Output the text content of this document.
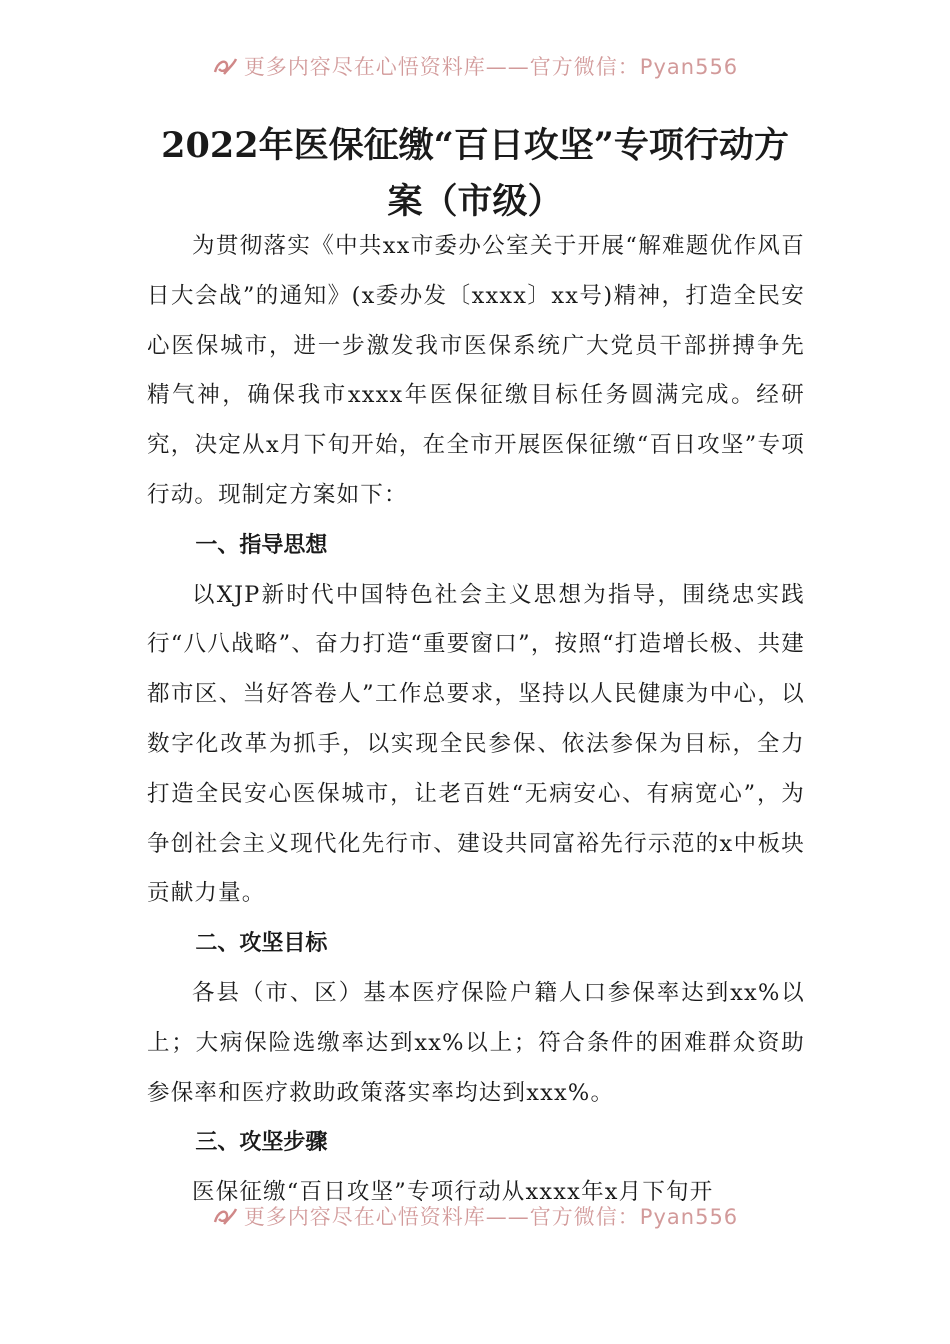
更多内容尽在心悟资料库——官方微信：Pyan556
2022年医保征缴“百日攻坚”专项行动方案（市级）

为贯彻落实《中共xx市委办公室关于开展“解难题优作风百日大会战”的通知》(x委办发〔xxxx〕xx号)精神，打造全民安心医保城市，进一步激发我市医保系统广大党员干部拼搏争先精气神，确保我市xxxx年医保征缴目标任务圆满完成。经研究，决定从x月下旬开始，在全市开展医保征缴“百日攻坚”专项行动。现制定方案如下：

一、指导思想

以XJP新时代中国特色社会主义思想为指导，围绕忠实践行“八八战略”、奋力打造“重要窗口”，按照“打造增长极、共建都市区、当好答卷人”工作总要求，坚持以人民健康为中心，以数字化改革为抓手，以实现全民参保、依法参保为目标，全力打造全民安心医保城市，让老百姓“无病安心、有病宽心”，为争创社会主义现代化先行市、建设共同富裕先行示范的x中板块贡献力量。

二、攻坚目标

各县（市、区）基本医疗保险户籍人口参保率达到xx%以上；大病保险选缴率达到xx%以上；符合条件的困难群众资助参保率和医疗救助政策落实率均达到xxx%。

三、攻坚步骤

医保征缴“百日攻坚”专项行动从xxxx年x月下旬开

更多内容尽在心悟资料库——官方微信：Pyan556
